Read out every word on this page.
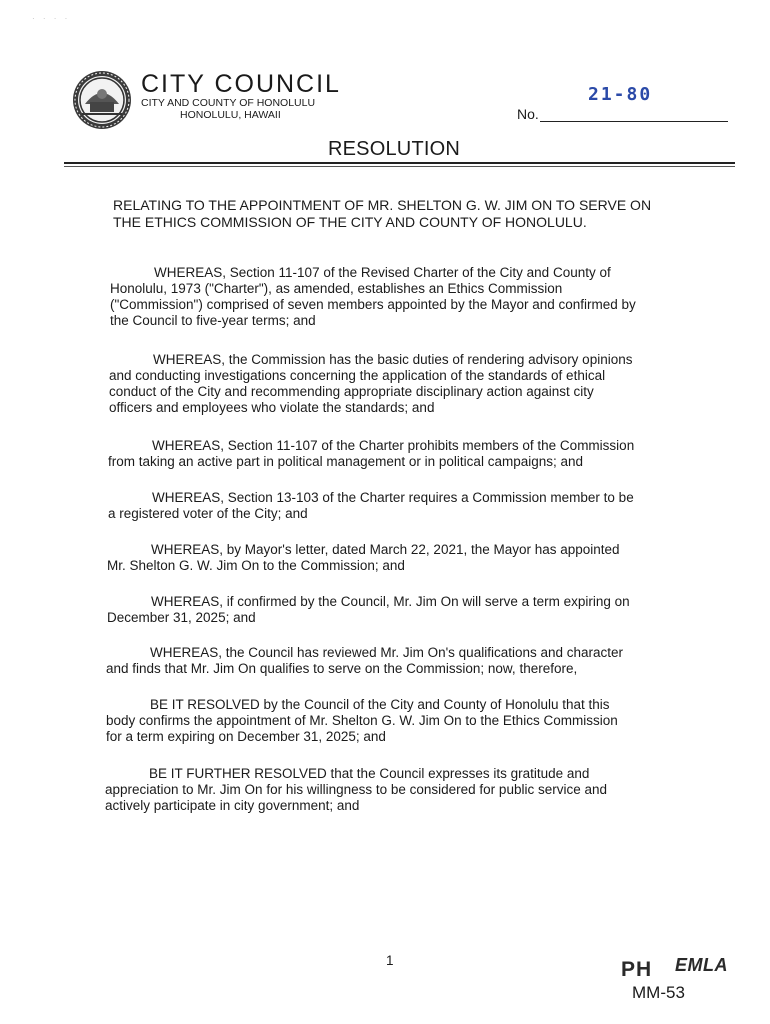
· · · ·
CITY COUNCIL
CITY AND COUNTY OF HONOLULU
HONOLULU, HAWAII
21-80
No.
RESOLUTION
RELATING TO THE APPOINTMENT OF MR. SHELTON G. W. JIM ON TO SERVE ON
THE ETHICS COMMISSION OF THE CITY AND COUNTY OF HONOLULU.
WHEREAS, Section 11-107 of the Revised Charter of the City and County of
Honolulu, 1973 ("Charter"), as amended, establishes an Ethics Commission
("Commission") comprised of seven members appointed by the Mayor and confirmed by
the Council to five-year terms; and
WHEREAS, the Commission has the basic duties of rendering advisory opinions
and conducting investigations concerning the application of the standards of ethical
conduct of the City and recommending appropriate disciplinary action against city
officers and employees who violate the standards; and
WHEREAS, Section 11-107 of the Charter prohibits members of the Commission
from taking an active part in political management or in political campaigns; and
WHEREAS, Section 13-103 of the Charter requires a Commission member to be
a registered voter of the City; and
WHEREAS, by Mayor's letter, dated March 22, 2021, the Mayor has appointed
Mr. Shelton G. W. Jim On to the Commission; and
WHEREAS, if confirmed by the Council, Mr. Jim On will serve a term expiring on
December 31, 2025; and
WHEREAS, the Council has reviewed Mr. Jim On's qualifications and character
and finds that Mr. Jim On qualifies to serve on the Commission; now, therefore,
BE IT RESOLVED by the Council of the City and County of Honolulu that this
body confirms the appointment of Mr. Shelton G. W. Jim On to the Ethics Commission
for a term expiring on December 31, 2025; and
BE IT FURTHER RESOLVED that the Council expresses its gratitude and
appreciation to Mr. Jim On for his willingness to be considered for public service and
actively participate in city government; and
1	PH EMLA
MM-53
